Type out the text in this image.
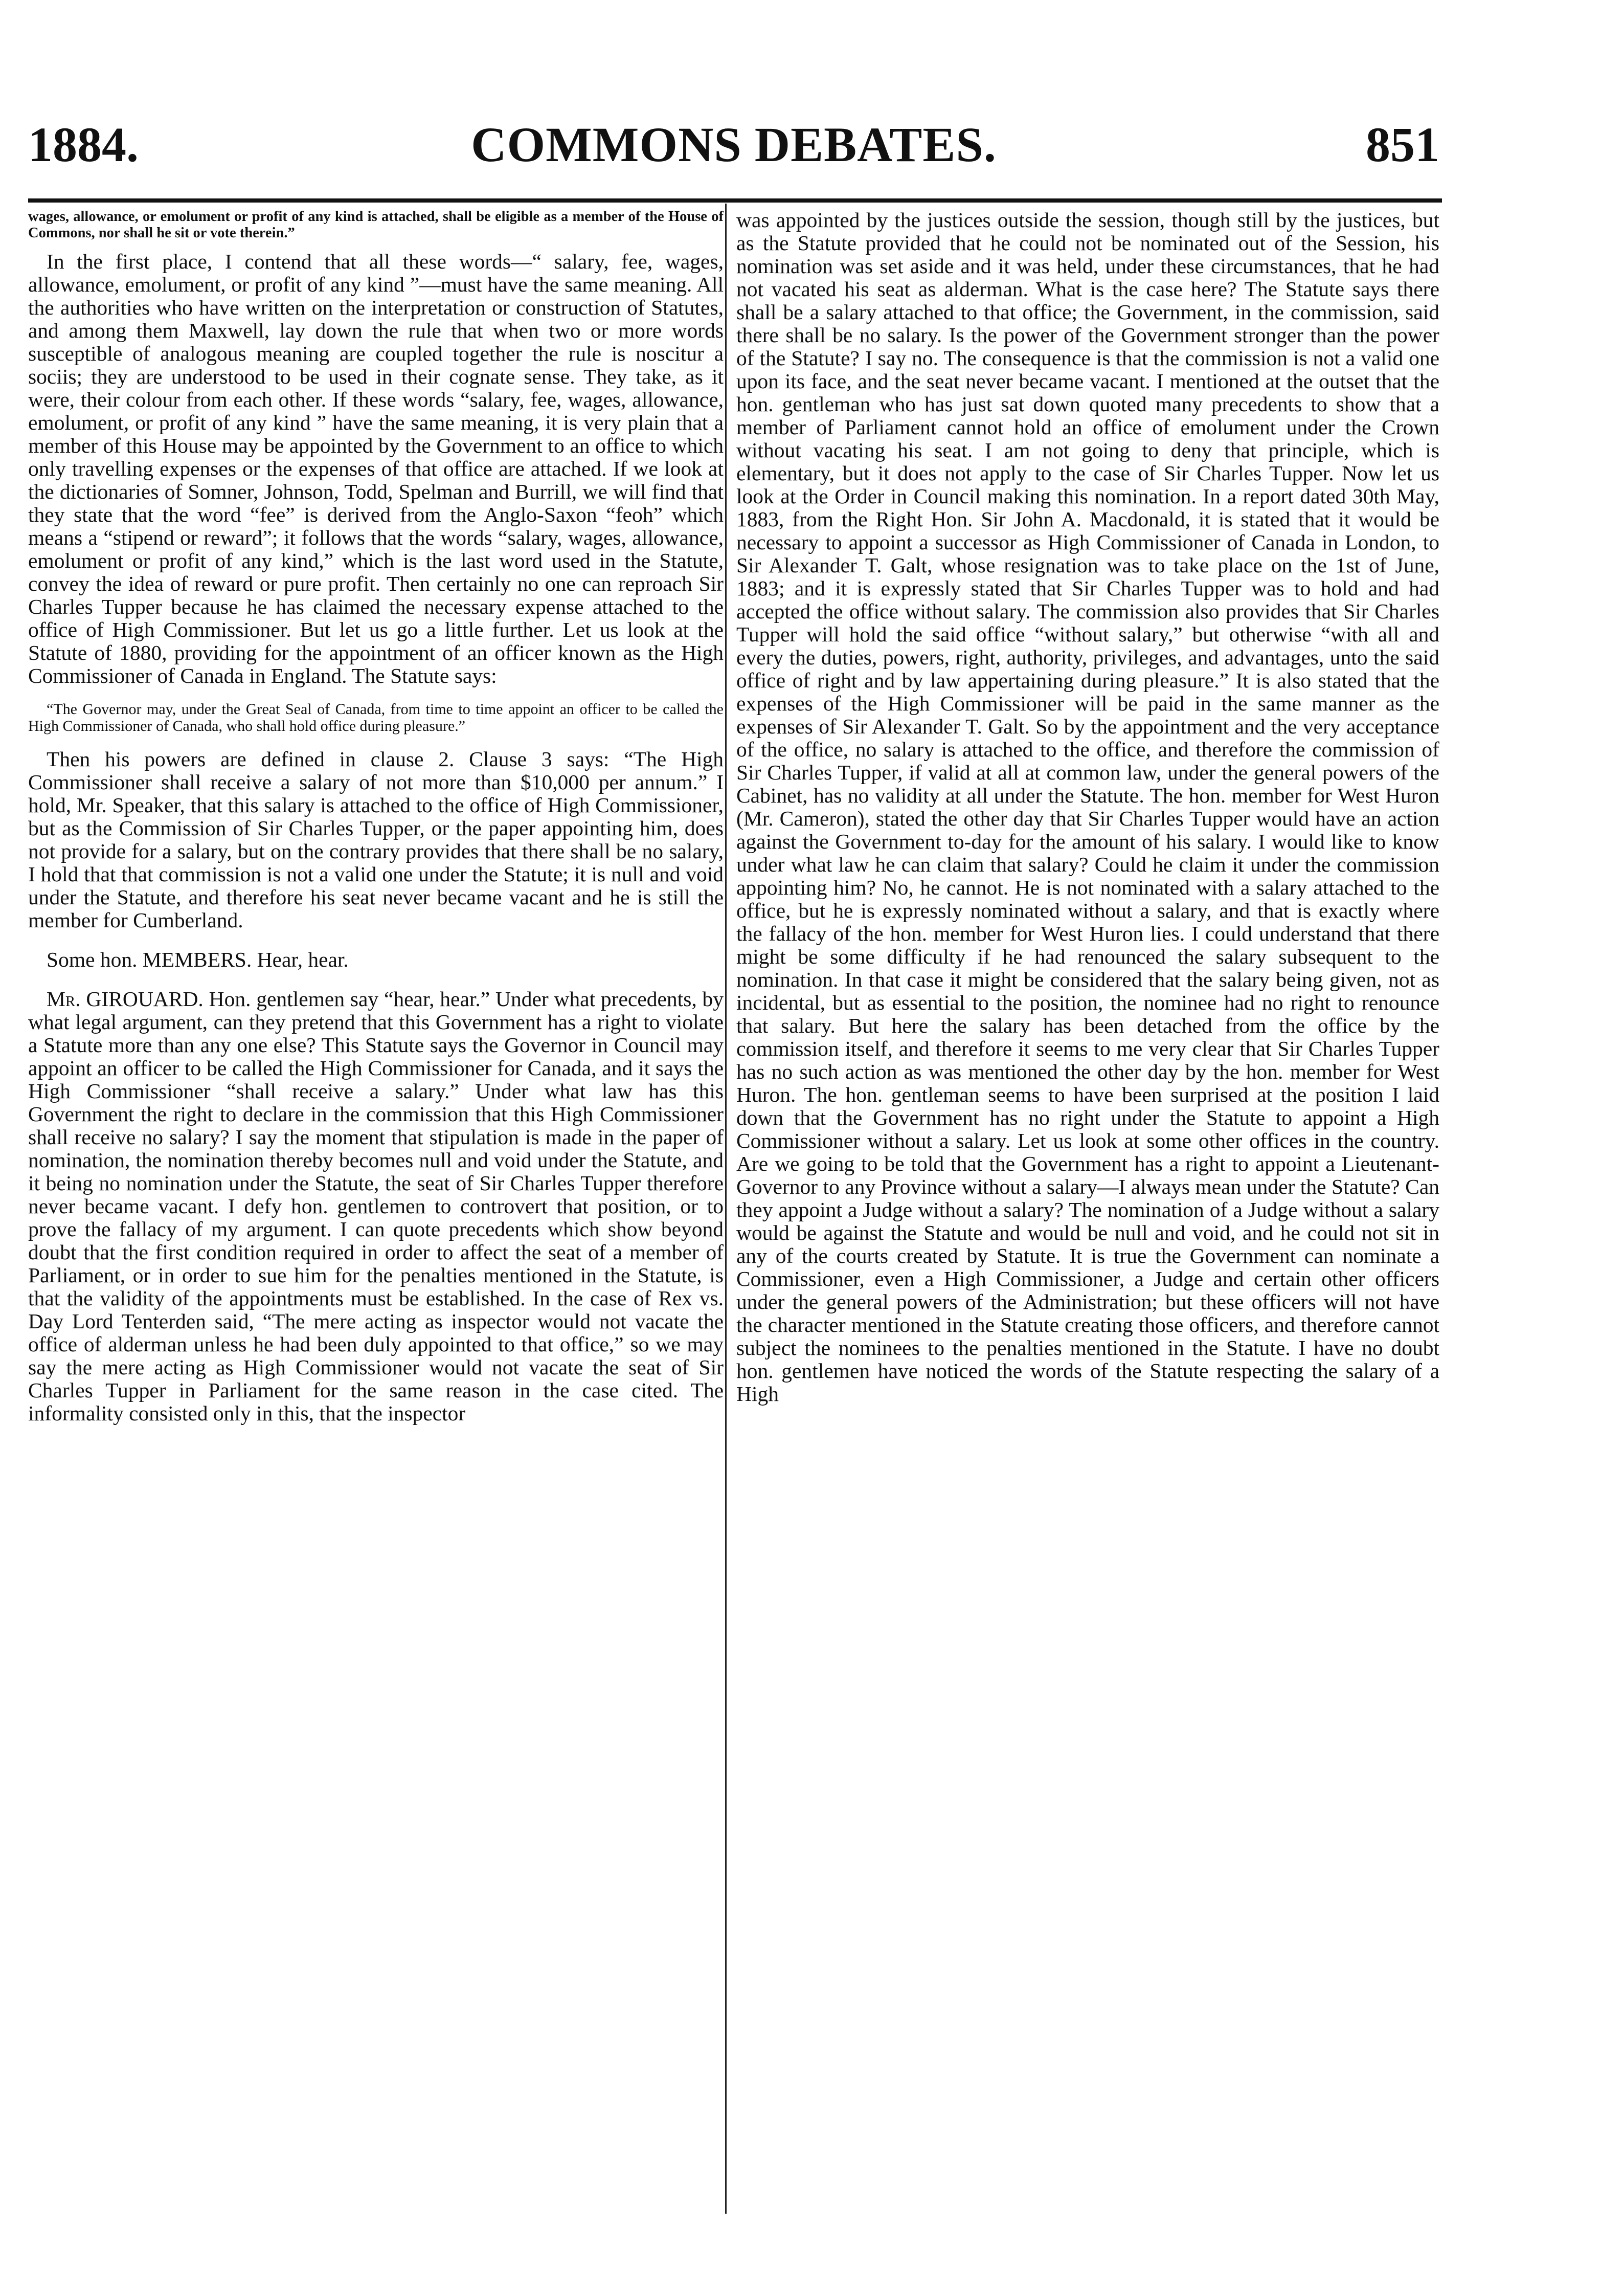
1884.	COMMONS DEBATES.	851

wages, allowance, or emolument or profit of any kind is attached, shall be eligible as a member of the House of Commons, nor shall he sit or vote therein.”

In the first place, I contend that all these words—“ salary, fee, wages, allowance, emolument, or profit of any kind ”—must have the same meaning. All the authorities who have written on the interpretation or construction of Statutes, and among them Maxwell, lay down the rule that when two or more words susceptible of analogous meaning are coupled together the rule is noscitur a sociis; they are understood to be used in their cognate sense. They take, as it were, their colour from each other. If these words “salary, fee, wages, allowance, emolument, or profit of any kind ” have the same meaning, it is very plain that a member of this House may be appointed by the Government to an office to which only travelling expenses or the expenses of that office are attached. If we look at the dictionaries of Somner, Johnson, Todd, Spelman and Burrill, we will find that they state that the word “fee” is derived from the Anglo-Saxon “feoh” which means a “stipend or reward”; it follows that the words “salary, wages, allowance, emolument or profit of any kind,” which is the last word used in the Statute, convey the idea of reward or pure profit. Then certainly no one can reproach Sir Charles Tupper because he has claimed the necessary expense attached to the office of High Commissioner. But let us go a little further. Let us look at the Statute of 1880, providing for the appointment of an officer known as the High Commissioner of Canada in England. The Statute says:

“The Governor may, under the Great Seal of Canada, from time to time appoint an officer to be called the High Commissioner of Canada, who shall hold office during pleasure.”

Then his powers are defined in clause 2. Clause 3 says: “The High Commissioner shall receive a salary of not more than $10,000 per annum.” I hold, Mr. Speaker, that this salary is attached to the office of High Commissioner, but as the Commission of Sir Charles Tupper, or the paper appointing him, does not provide for a salary, but on the contrary provides that there shall be no salary, I hold that that commission is not a valid one under the Statute; it is null and void under the Statute, and therefore his seat never became vacant and he is still the member for Cumberland.

Some hon. MEMBERS. Hear, hear.

Mr. GIROUARD. Hon. gentlemen say “hear, hear.” Under what precedents, by what legal argument, can they pretend that this Government has a right to violate a Statute more than any one else? This Statute says the Governor in Council may appoint an officer to be called the High Commissioner for Canada, and it says the High Commissioner “shall receive a salary.” Under what law has this Government the right to declare in the commission that this High Commissioner shall receive no salary? I say the moment that stipulation is made in the paper of nomination, the nomination thereby becomes null and void under the Statute, and it being no nomination under the Statute, the seat of Sir Charles Tupper therefore never became vacant. I defy hon. gentlemen to controvert that position, or to prove the fallacy of my argument. I can quote precedents which show beyond doubt that the first condition required in order to affect the seat of a member of Parliament, or in order to sue him for the penalties mentioned in the Statute, is that the validity of the appointments must be established. In the case of Rex vs. Day Lord Tenterden said, “The mere acting as inspector would not vacate the office of alderman unless he had been duly appointed to that office,” so we may say the mere acting as High Commissioner would not vacate the seat of Sir Charles Tupper in Parliament for the same reason in the case cited. The informality consisted only in this, that the inspector

was appointed by the justices outside the session, though still by the justices, but as the Statute provided that he could not be nominated out of the Session, his nomination was set aside and it was held, under these circumstances, that he had not vacated his seat as alderman. What is the case here? The Statute says there shall be a salary attached to that office; the Government, in the commission, said there shall be no salary. Is the power of the Government stronger than the power of the Statute? I say no. The consequence is that the commission is not a valid one upon its face, and the seat never became vacant. I mentioned at the outset that the hon. gentleman who has just sat down quoted many precedents to show that a member of Parliament cannot hold an office of emolument under the Crown without vacating his seat. I am not going to deny that principle, which is elementary, but it does not apply to the case of Sir Charles Tupper. Now let us look at the Order in Council making this nomination. In a report dated 30th May, 1883, from the Right Hon. Sir John A. Macdonald, it is stated that it would be necessary to appoint a successor as High Commissioner of Canada in London, to Sir Alexander T. Galt, whose resignation was to take place on the 1st of June, 1883; and it is expressly stated that Sir Charles Tupper was to hold and had accepted the office without salary. The commission also provides that Sir Charles Tupper will hold the said office “without salary,” but otherwise “with all and every the duties, powers, right, authority, privileges, and advantages, unto the said office of right and by law appertaining during pleasure.” It is also stated that the expenses of the High Commissioner will be paid in the same manner as the expenses of Sir Alexander T. Galt. So by the appointment and the very acceptance of the office, no salary is attached to the office, and therefore the commission of Sir Charles Tupper, if valid at all at common law, under the general powers of the Cabinet, has no validity at all under the Statute. The hon. member for West Huron (Mr. Cameron), stated the other day that Sir Charles Tupper would have an action against the Government to-day for the amount of his salary. I would like to know under what law he can claim that salary? Could he claim it under the commission appointing him? No, he cannot. He is not nominated with a salary attached to the office, but he is expressly nominated without a salary, and that is exactly where the fallacy of the hon. member for West Huron lies. I could understand that there might be some difficulty if he had renounced the salary subsequent to the nomination. In that case it might be considered that the salary being given, not as incidental, but as essential to the position, the nominee had no right to renounce that salary. But here the salary has been detached from the office by the commission itself, and therefore it seems to me very clear that Sir Charles Tupper has no such action as was mentioned the other day by the hon. member for West Huron. The hon. gentleman seems to have been surprised at the position I laid down that the Government has no right under the Statute to appoint a High Commissioner without a salary. Let us look at some other offices in the country. Are we going to be told that the Government has a right to appoint a Lieutenant-Governor to any Province without a salary—I always mean under the Statute? Can they appoint a Judge without a salary? The nomination of a Judge without a salary would be against the Statute and would be null and void, and he could not sit in any of the courts created by Statute. It is true the Government can nominate a Commissioner, even a High Commissioner, a Judge and certain other officers under the general powers of the Administration; but these officers will not have the character mentioned in the Statute creating those officers, and therefore cannot subject the nominees to the penalties mentioned in the Statute. I have no doubt hon. gentlemen have noticed the words of the Statute respecting the salary of a High
